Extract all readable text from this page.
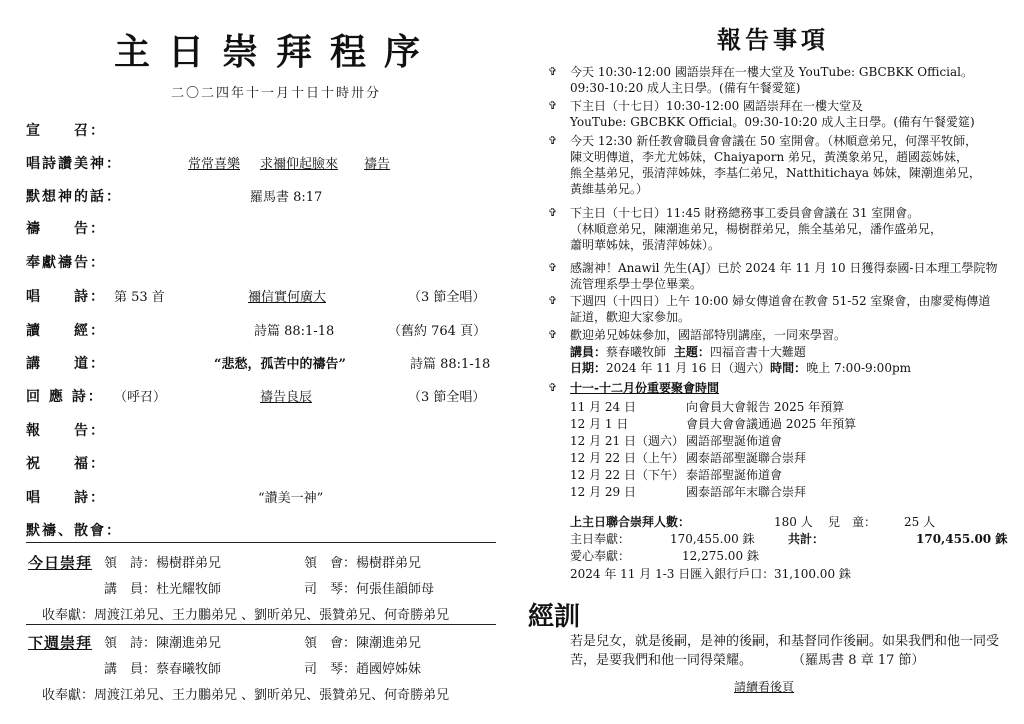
主日崇拜程序
二〇二四年十一月十日十時卅分
宣　　召：
唱詩讚美神：	常常喜樂 求禰仰起臉來 禱告
默想神的話：	羅馬書 8:17
禱　　告：
奉獻禱告：
唱　　詩： 第 53 首	禰信實何廣大	（3 節全唱）
讀　　經：	詩篇 88:1-18	（舊約 764 頁）
講　　道：	“悲愁，孤苦中的禱告”	詩篇 88:1-18
回 應 詩： （呼召）	禱告良辰	（3 節全唱）
報　　告：
祝　　福：
唱　　詩：	“讚美一神”
默禱、散會：
今日崇拜 領　詩： 楊樹群弟兄	領　會： 楊樹群弟兄
講　員： 杜光耀牧師	司　琴： 何張佳韻師母
收奉獻： 周渡江弟兄、王力鵬弟兄 、劉昕弟兄、張贊弟兄、何奇勝弟兄
下週崇拜 領　詩： 陳潮進弟兄	領　會： 陳潮進弟兄
講　員： 蔡春曦牧師	司　琴： 趙國婷姊妹
收奉獻： 周渡江弟兄、王力鵬弟兄 、劉昕弟兄、張贊弟兄、何奇勝弟兄
報告事項
✞	今天 10:30-12:00 國語崇拜在一樓大堂及 YouTube: GBCBKK Official。
09:30-10:20 成人主日學。(備有午餐愛筵)
✞	下主日（十七日）10:30-12:00 國語崇拜在一樓大堂及
YouTube: GBCBKK Official。09:30-10:20 成人主日學。(備有午餐愛筵)
✞	今天 12:30 新任教會職員會會議在 50 室開會。（林順意弟兄，何澤平牧師，
陳文明傳道，李尤尤姊妹，Chaiyaporn 弟兄，黃漢象弟兄，趙國蕊姊妹，
熊全基弟兄，張清萍姊妹，李基仁弟兄，Natthitichaya 姊妹，陳潮進弟兄，
黃維基弟兄。）
✞	下主日（十七日）11:45 財務總務事工委員會會議在 31 室開會。
（林順意弟兄，陳潮進弟兄，楊樹群弟兄，熊全基弟兄，潘作盛弟兄，
蕭明華姊妹，張清萍姊妹）。
✞	感謝神！Anawil 先生(AJ）已於 2024 年 11 月 10 日獲得泰國-日本理工學院物
流管理系學士學位畢業。
✞	下週四（十四日）上午 10:00 婦女傳道會在教會 51-52 室聚會，由廖愛梅傳道
証道，歡迎大家參加。
✞	歡迎弟兄姊妹參加，國語部特別講座，一同來學習。
講員：蔡春曦牧師 主題：四福音書十大難題
日期：2024 年 11 月 16 日（週六）時間：晚上 7:00-9:00pm
✞	十一-十二月份重要聚會時間
11 月 24 日	向會員大會報告 2025 年預算
12 月 1 日	會員大會會議通過 2025 年預算
12 月 21 日（週六） 國語部聖誕佈道會
12 月 22 日（上午） 國泰語部聖誕聯合崇拜
12 月 22 日（下午） 泰語部聖誕佈道會
12 月 29 日	國泰語部年末聯合崇拜
上主日聯合崇拜人數：	180 人 兒　童： 25 人
主日奉獻：	170,455.00 銖	共計：	170,455.00 銖
愛心奉獻：	12,275.00 銖
2024 年 11 月 1-3 日匯入銀行戶口： 31,100.00 銖
經訓
若是兒女，就是後嗣，是神的後嗣，和基督同作後嗣。如果我們和他一同受苦，是要我們和他一同得榮耀。	（羅馬書 8 章 17 節）
請續看後頁
